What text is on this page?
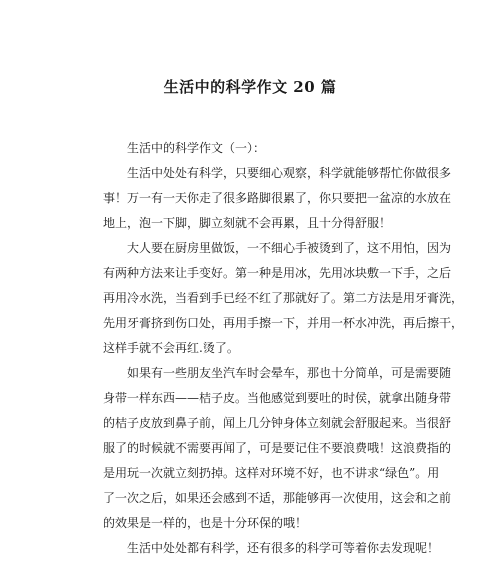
生活中的科学作文 20 篇
生活中的科学作文（一）：
生活中处处有科学，只要细心观察，科学就能够帮忙你做很多
事！万一有一天你走了很多路脚很累了，你只要把一盆凉的水放在
地上，泡一下脚，脚立刻就不会再累，且十分得舒服！
大人要在厨房里做饭，一不细心手被烫到了，这不用怕，因为
有两种方法来让手变好。第一种是用冰，先用冰块敷一下手，之后
再用冷水洗，当看到手已经不红了那就好了。第二方法是用牙膏洗，
先用牙膏挤到伤口处，再用手擦一下，并用一杯水冲洗，再后擦干，
这样手就不会再红.烫了。
如果有一些朋友坐汽车时会晕车，那也十分简单，可是需要随
身带一样东西——桔子皮。当他感觉到要吐的时侯，就拿出随身带
的桔子皮放到鼻子前，闻上几分钟身体立刻就会舒服起来。当很舒
服了的时候就不需要再闻了，可是要记住不要浪费哦！这浪费指的
是用玩一次就立刻扔掉。这样对环境不好，也不讲求“绿色”。用
了一次之后，如果还会感到不适，那能够再一次使用，这会和之前
的效果是一样的，也是十分环保的哦！
生活中处处都有科学，还有很多的科学可等着你去发现呢！
